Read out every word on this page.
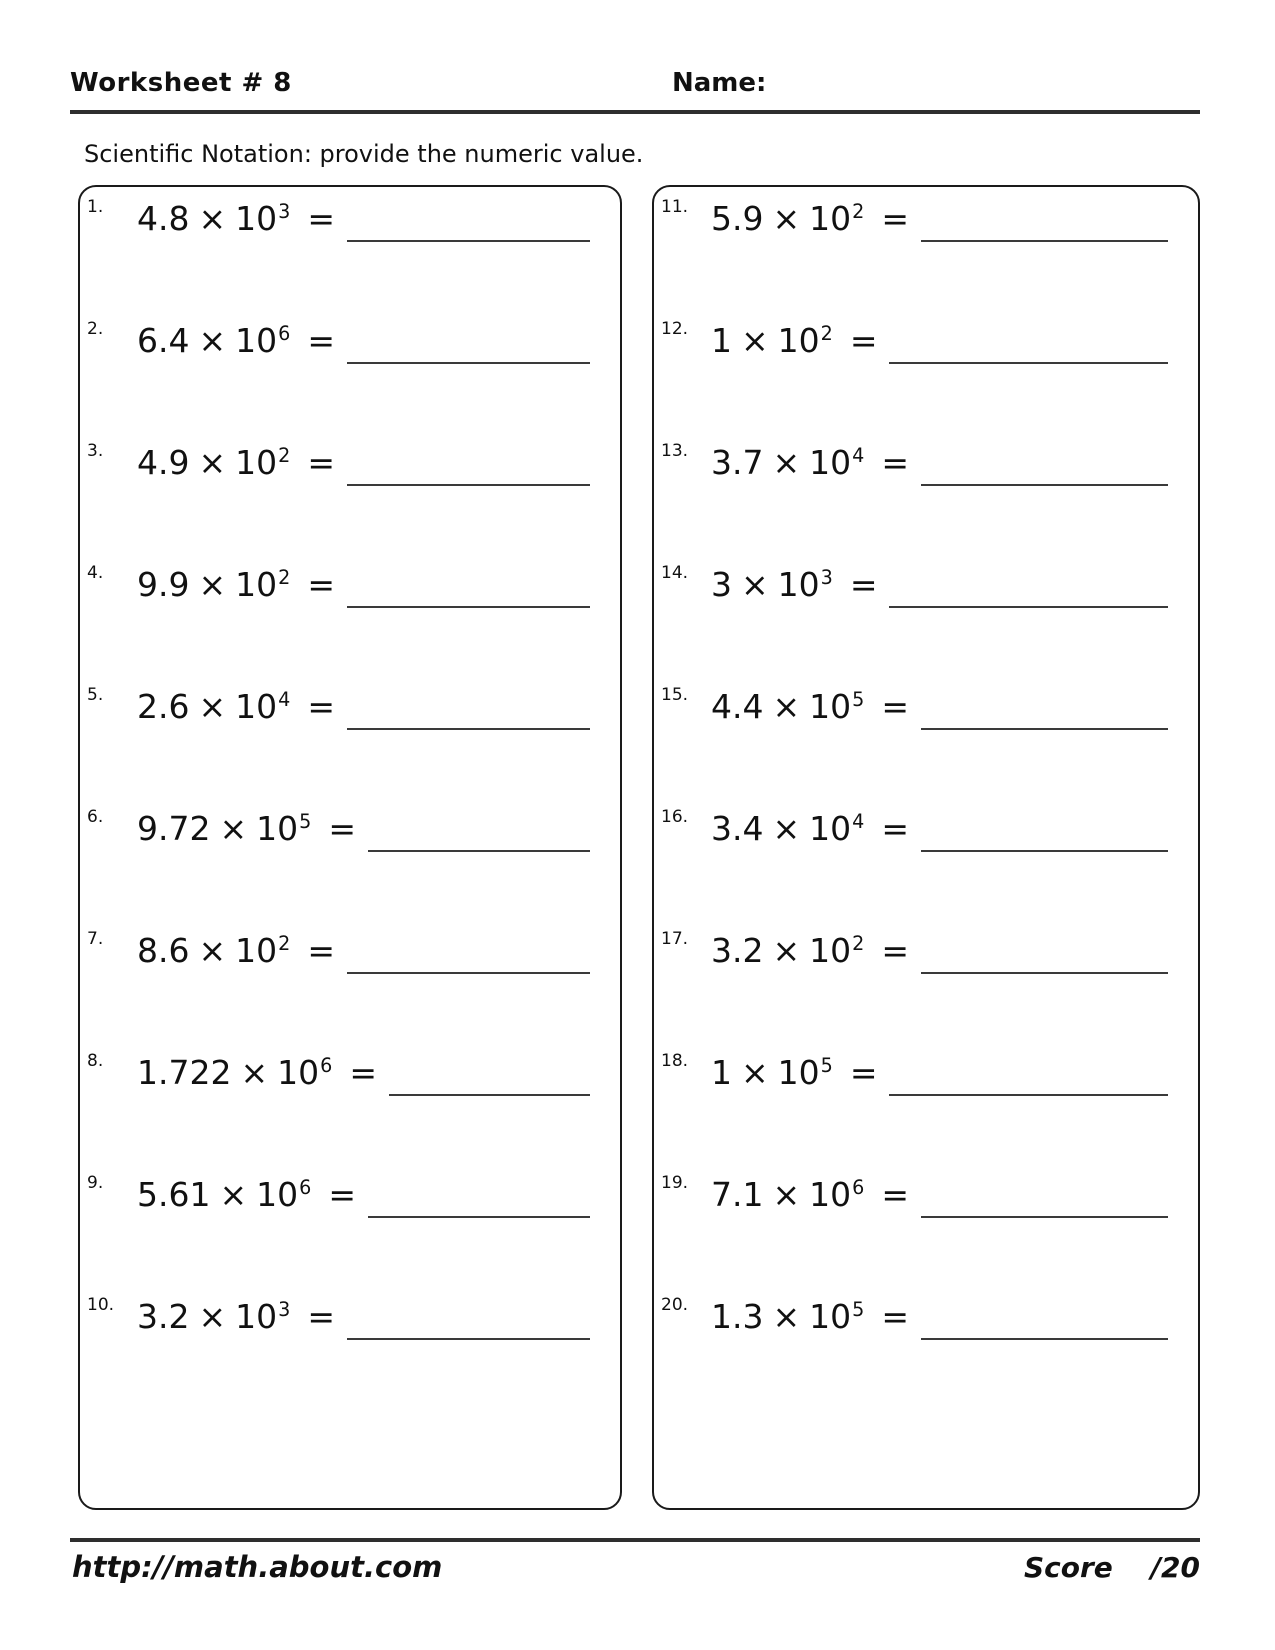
Worksheet # 8	Name:
Scientific Notation: provide the numeric value.
1.	$4.8 \times 10^3$ =
2.	$6.4 \times 10^6$ =
3.	$4.9 \times 10^2$ =
4.	$9.9 \times 10^2$ =
5.	$2.6 \times 10^4$ =
6.	$9.72 \times 10^5$ =
7.	$8.6 \times 10^2$ =
8.	$1.722 \times 10^6$ =
9.	$5.61 \times 10^6$ =
10. $3.2 \times 10^3$ =
11. $5.9 \times 10^2$ =
12. $1 \times 10^2$ =
13. $3.7 \times 10^4$ =
14. $3 \times 10^3$ =
15. $4.4 \times 10^5$ =
16. $3.4 \times 10^4$ =
17. $3.2 \times 10^2$ =
18. $1 \times 10^5$ =
19. $7.1 \times 10^6$ =
20. $1.3 \times 10^5$ =
http://math.about.com	Score /20
